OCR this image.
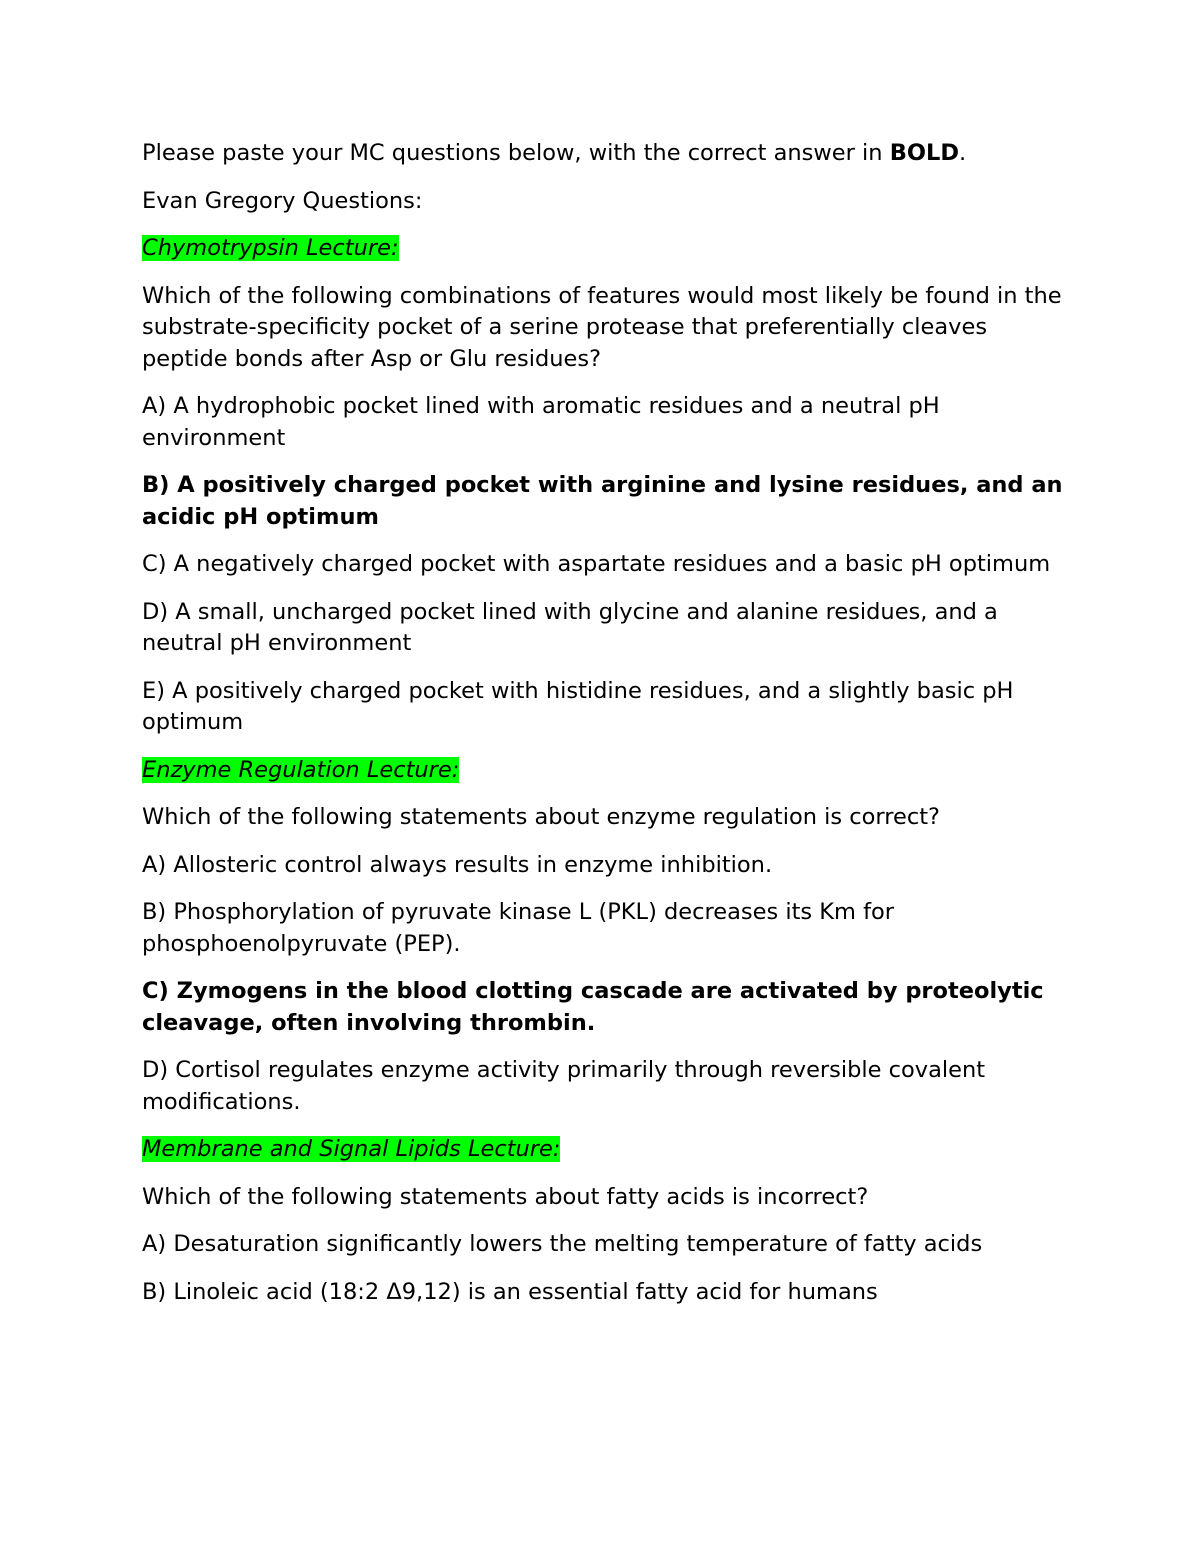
Please paste your MC questions below, with the correct answer in BOLD.

Evan Gregory Questions:

Chymotrypsin Lecture:

Which of the following combinations of features would most likely be found in the substrate-specificity pocket of a serine protease that preferentially cleaves peptide bonds after Asp or Glu residues?

A) A hydrophobic pocket lined with aromatic residues and a neutral pH environment

B) A positively charged pocket with arginine and lysine residues, and an acidic pH optimum

C) A negatively charged pocket with aspartate residues and a basic pH optimum

D) A small, uncharged pocket lined with glycine and alanine residues, and a neutral pH environment

E) A positively charged pocket with histidine residues, and a slightly basic pH optimum

Enzyme Regulation Lecture:

Which of the following statements about enzyme regulation is correct?

A) Allosteric control always results in enzyme inhibition.

B) Phosphorylation of pyruvate kinase L (PKL) decreases its Km for phosphoenolpyruvate (PEP).

C) Zymogens in the blood clotting cascade are activated by proteolytic cleavage, often involving thrombin.

D) Cortisol regulates enzyme activity primarily through reversible covalent modifications.

Membrane and Signal Lipids Lecture:

Which of the following statements about fatty acids is incorrect?

A) Desaturation significantly lowers the melting temperature of fatty acids

B) Linoleic acid (18:2 Δ9,12) is an essential fatty acid for humans
